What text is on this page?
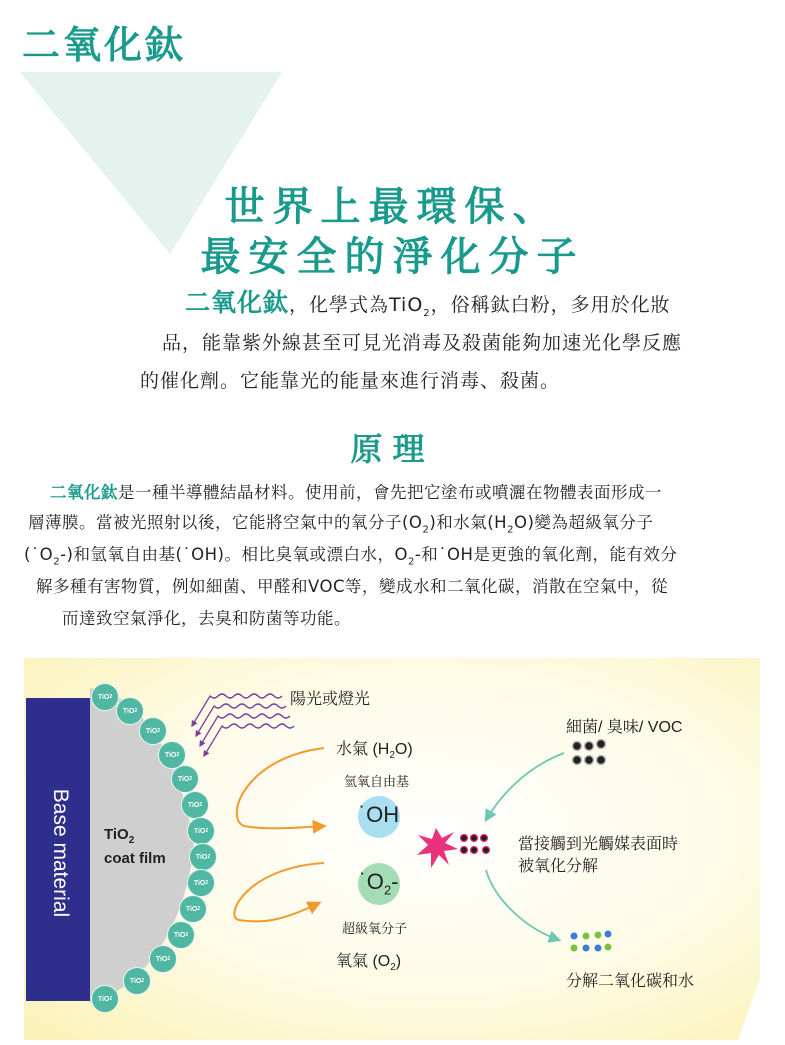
二氧化鈦
世界上最環保、
最安全的淨化分子
二氧化鈦，化學式為TiO$_2$，俗稱鈦白粉，多用於化妝
品，能靠紫外線甚至可見光消毒及殺菌能夠加速光化學反應
的催化劑。它能靠光的能量來進行消毒、殺菌。
原理
二氧化鈦是一種半導體結晶材料。使用前，會先把它塗布或噴灑在物體表面形成一
層薄膜。當被光照射以後，它能將空氣中的氧分子$(O_2)$和水氣$(H_2O)$變為超級氧分子
$(˙O_2-)$和氫氧自由基(˙OH)。相比臭氧或漂白水，$O_2-$和˙OH是更強的氧化劑，能有效分
解多種有害物質，例如細菌、甲醛和VOC等，變成水和二氧化碳，消散在空氣中，從
而達致空氣淨化，去臭和防菌等功能。
TiO 2
TiO 2
TiO 2
TiO 2
TiO 2
TiO 2
TiO 2
TiO 2
TiO 2
TiO 2
TiO 2
TiO 2
TiO 2
TiO 2
Base material TiO$_2$
coat film
陽光或燈光
水氣 $(H_2O)$
氫氧自由基
˙OH
$˙O_2-$
超級氧分子
氧氣 $(O_2)$
細菌/ 臭味/ VOC
當接觸到光觸媒表面時
被氧化分解
分解二氧化碳和水
